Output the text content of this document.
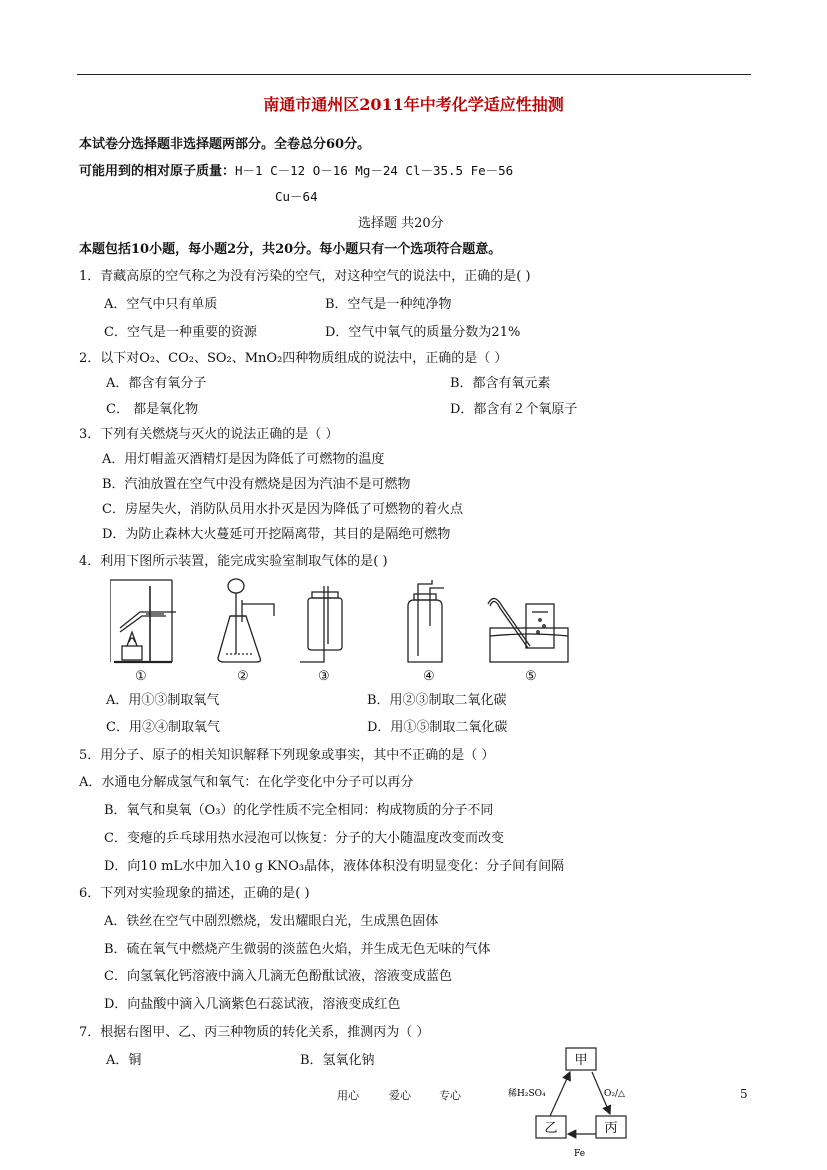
南通市通州区2011年中考化学适应性抽测
本试卷分选择题非选择题两部分。全卷总分60分。
可能用到的相对原子质量：H－1 C－12 O－16 Mg－24 Cl－35.5 Fe－56
Cu－64
选择题 共20分
本题包括10小题，每小题2分，共20分。每小题只有一个选项符合题意。
1．青藏高原的空气称之为没有污染的空气，对这种空气的说法中，正确的是( )
A．空气中只有单质	B．空气是一种纯净物
C．空气是一种重要的资源	D．空气中氧气的质量分数为21%
2．以下对O₂、CO₂、SO₂、MnO₂四种物质组成的说法中，正确的是（ ）
A．都含有氧分子	B．都含有氧元素
C． 都是氧化物	D．都含有２个氧原子
3．下列有关燃烧与灭火的说法正确的是（ ）
A．用灯帽盖灭酒精灯是因为降低了可燃物的温度
B．汽油放置在空气中没有燃烧是因为汽油不是可燃物
C．房屋失火，消防队员用水扑灭是因为降低了可燃物的着火点
D．为防止森林大火蔓延可开挖隔离带，其目的是隔绝可燃物
4．利用下图所示装置，能完成实验室制取气体的是( )
①	②	③	④	⑤
A．用①③制取氧气	B．用②③制取二氧化碳
C．用②④制取氧气	D．用①⑤制取二氧化碳
5．用分子、原子的相关知识解释下列现象或事实，其中不正确的是（ ）
A．水通电分解成氢气和氧气：在化学变化中分子可以再分
B．氧气和臭氧（O₃）的化学性质不完全相同：构成物质的分子不同
C．变瘪的乒乓球用热水浸泡可以恢复：分子的大小随温度改变而改变
D．向10 mL水中加入10 g KNO₃晶体，液体体积没有明显变化：分子间有间隔
6．下列对实验现象的描述，正确的是( )
A．铁丝在空气中剧烈燃烧，发出耀眼白光，生成黑色固体
B．硫在氧气中燃烧产生微弱的淡蓝色火焰，并生成无色无味的气体
C．向氢氧化钙溶液中滴入几滴无色酚酞试液，溶液变成蓝色
D．向盐酸中滴入几滴紫色石蕊试液，溶液变成红色
7．根据右图甲、乙、丙三种物质的转化关系，推测丙为（ ）
A．铜	B．氢氧化钠	甲
乙	丙
稀H₂SO₄	O₂/△
Fe
用心	爱心	专心	5
